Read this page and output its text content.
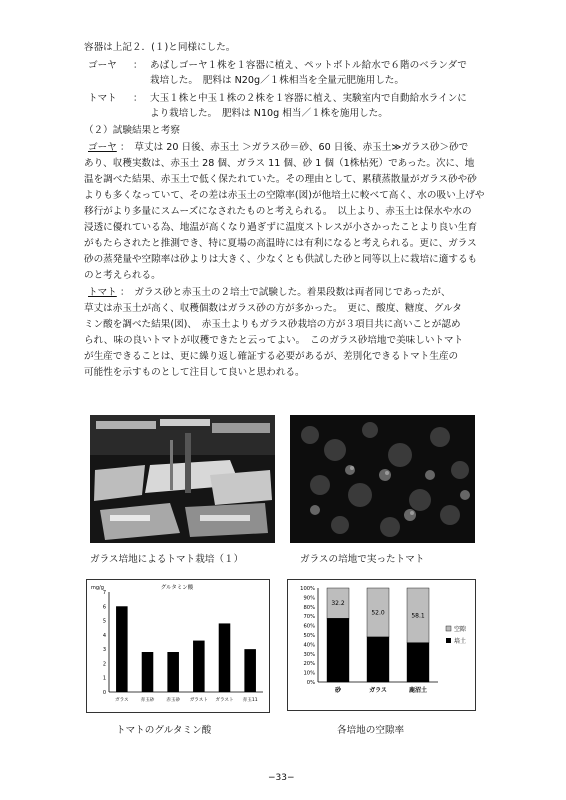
容器は上記２．(１)と同様にした。
ゴーヤ ： あばしゴーヤ１株を１容器に植え、ペットボトル給水で６階のベランダで
栽培した。　肥料は N20g／１株相当を全量元肥施用した。
トマト ： 大玉１株と中玉１株の２株を１容器に植え、実験室内で自動給水ラインに
より栽培した。　肥料は N10g 相当／１株を施用した。
（２）試験結果と考察
ゴーヤ ：　草丈は 20 日後、赤玉土 ＞ガラス砂＝砂、60 日後、赤玉土≫ガラス砂＞砂で
あり、収穫実数は、赤玉土 28 個、ガラス 11 個、砂 1 個（1株枯死）であった。次に、地
温を調べた結果、赤玉土で低く保たれていた。その理由として、累積蒸散量がガラス砂や砂
よりも多くなっていて、その差は赤玉土の空隙率(図)が他培土に較べて高く、水の吸い上げや
移行がより多量にスムーズになされたものと考えられる。　以上より、赤玉土は保水や水の
浸透に優れている為、地温が高くなり過ぎずに温度ストレスが小さかったことより良い生育
がもたらされたと推測でき、特に夏場の高温時には有利になると考えられる。更に、ガラス
砂の蒸発量や空隙率は砂よりは大きく、少なくとも供試した砂と同等以上に栽培に適するも
のと考えられる。
トマト ：　ガラス砂と赤玉土の２培土で試験した。着果段数は両者同じであったが、
草丈は赤玉土が高く、収穫個数はガラス砂の方が多かった。　更に、酸度、糖度、グルタ
ミン酸を調べた結果(図)、　赤玉土よりもガラス砂栽培の方が３項目共に高いことが認め
られ、味の良いトマトが収穫できたと云ってよい。　このガラス砂培地で美味しいトマト
が生産できることは、更に繰り返し確証する必要があるが、差別化できるトマト生産の
可能性を示すものとして注目して良いと思われる。
ガラス培地によるトマト栽培（１）	ガラスの培地で実ったトマト
グルタミン酸
mg/g
7
6
5
4
3
2
1
0
ガラス	赤玉砂	赤玉砂 ガラスト ガラスト 赤玉11
100%
90%
80%
70%
60%
50%
40%
30%
20%
10%
0%
32.2
砂
52.0
ガラス
58.1
鹿沼土
空隙
培土
トマトのグルタミン酸	各培地の空隙率
−33−
